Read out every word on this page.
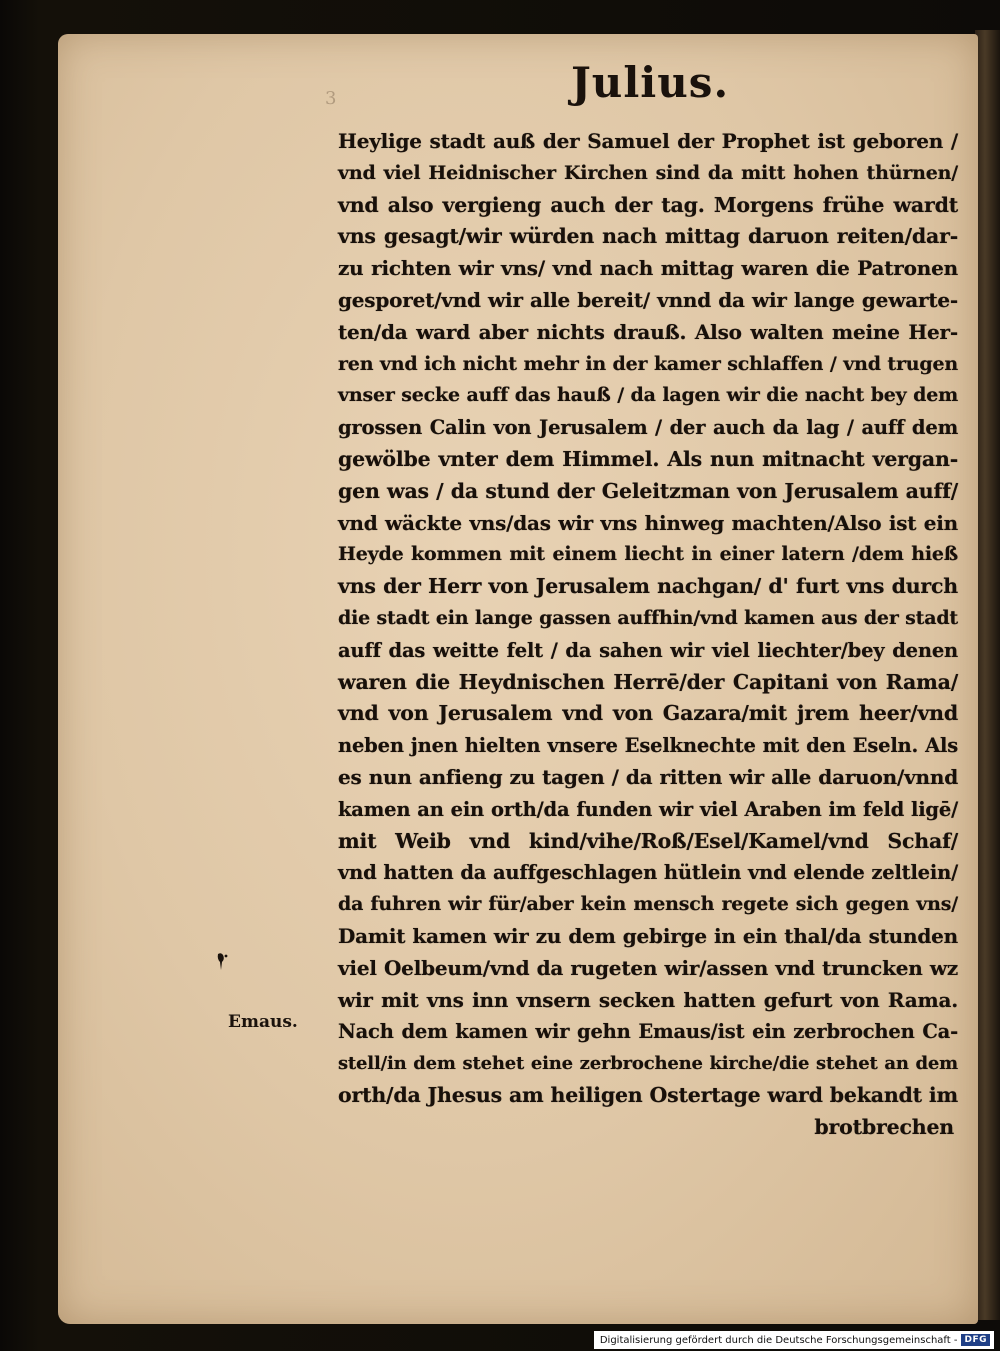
3	Julius.
Heylige stadt auß der Samuel der Prophet ist geboren /
vnd viel Heidnischer Kirchen sind da mitt hohen thürnen/
vnd also vergieng auch der tag. Morgens frühe wardt
vns gesagt/wir würden nach mittag daruon reiten/dar-
zu richten wir vns/ vnd nach mittag waren die Patronen
gesporet/vnd wir alle bereit/ vnnd da wir lange gewarte-
ten/da ward aber nichts drauß. Also walten meine Her-
ren vnd ich nicht mehr in der kamer schlaffen / vnd trugen
vnser secke auff das hauß / da lagen wir die nacht bey dem
grossen Calin von Jerusalem / der auch da lag / auff dem
gewölbe vnter dem Himmel. Als nun mitnacht vergan-
gen was / da stund der Geleitzman von Jerusalem auff/
vnd wäckte vns/das wir vns hinweg machten/Also ist ein
Heyde kommen mit einem liecht in einer latern /dem hieß
vns der Herr von Jerusalem nachgan/ d' furt vns durch
die stadt ein lange gassen auffhin/vnd kamen aus der stadt
auff das weitte felt / da sahen wir viel liechter/bey denen
waren die Heydnischen Herrē/der Capitani von Rama/
vnd von Jerusalem vnd von Gazara/mit jrem heer/vnd
neben jnen hielten vnsere Eselknechte mit den Eseln. Als
es nun anfieng zu tagen / da ritten wir alle daruon/vnnd
kamen an ein orth/da funden wir viel Araben im feld ligē/
mit Weib vnd kind/vihe/Roß/Esel/Kamel/vnd Schaf/
vnd hatten da auffgeschlagen hütlein vnd elende zeltlein/
da fuhren wir für/aber kein mensch regete sich gegen vns/
Damit kamen wir zu dem gebirge in ein thal/da stunden
viel Oelbeum/vnd da rugeten wir/assen vnd truncken wz
wir mit vns inn vnsern secken hatten gefurt von Rama.
Nach dem kamen wir gehn Emaus/ist ein zerbrochen Ca-
stell/in dem stehet eine zerbrochene kirche/die stehet an dem
orth/da Jhesus am heiligen Ostertage ward bekandt im
brotbrechen
Emaus.
Digitalisierung gefördert durch die Deutsche Forschungsgemeinschaft - DFG
